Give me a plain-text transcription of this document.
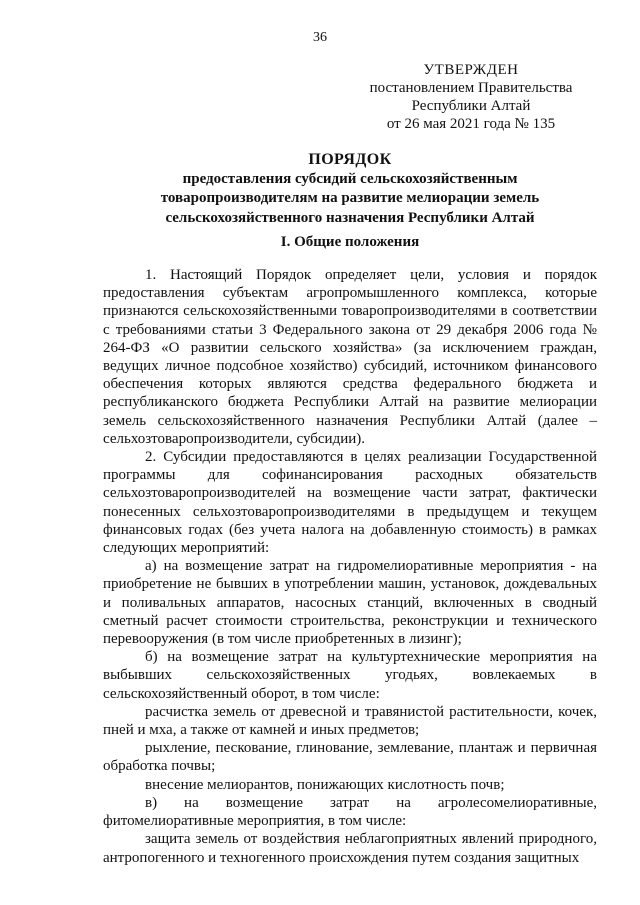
36
УТВЕРЖДЕН
постановлением Правительства
Республики Алтай
от 26 мая 2021 года № 135
ПОРЯДОК
предоставления субсидий сельскохозяйственным
товаропроизводителям на развитие мелиорации земель
сельскохозяйственного назначения Республики Алтай
I. Общие положения

1. Настоящий Порядок определяет цели, условия и порядок предоставления субъектам агропромышленного комплекса, которые признаются сельскохозяйственными товаропроизводителями в соответствии с требованиями статьи 3 Федерального закона от 29 декабря 2006 года № 264-ФЗ «О развитии сельского хозяйства» (за исключением граждан, ведущих личное подсобное хозяйство) субсидий, источником финансового обеспечения которых являются средства федерального бюджета и республиканского бюджета Республики Алтай на развитие мелиорации земель сельскохозяйственного назначения Республики Алтай (далее – сельхозтоваропроизводители, субсидии).

2. Субсидии предоставляются в целях реализации Государственной программы для софинансирования расходных обязательств сельхозтоваропроизводителей на возмещение части затрат, фактически понесенных сельхозтоваропроизводителями в предыдущем и текущем финансовых годах (без учета налога на добавленную стоимость) в рамках следующих мероприятий:

а) на возмещение затрат на гидромелиоративные мероприятия - на приобретение не бывших в употреблении машин, установок, дождевальных и поливальных аппаратов, насосных станций, включенных в сводный сметный расчет стоимости строительства, реконструкции и технического перевооружения (в том числе приобретенных в лизинг);

б) на возмещение затрат на культуртехнические мероприятия на выбывших сельскохозяйственных угодьях, вовлекаемых в сельскохозяйственный оборот, в том числе:

расчистка земель от древесной и травянистой растительности, кочек, пней и мха, а также от камней и иных предметов;

рыхление, пескование, глинование, землевание, плантаж и первичная обработка почвы;

внесение мелиорантов, понижающих кислотность почв;

в) на возмещение затрат на агролесомелиоративные, фитомелиоративные мероприятия, в том числе:

защита земель от воздействия неблагоприятных явлений природного, антропогенного и техногенного происхождения путем создания защитных
